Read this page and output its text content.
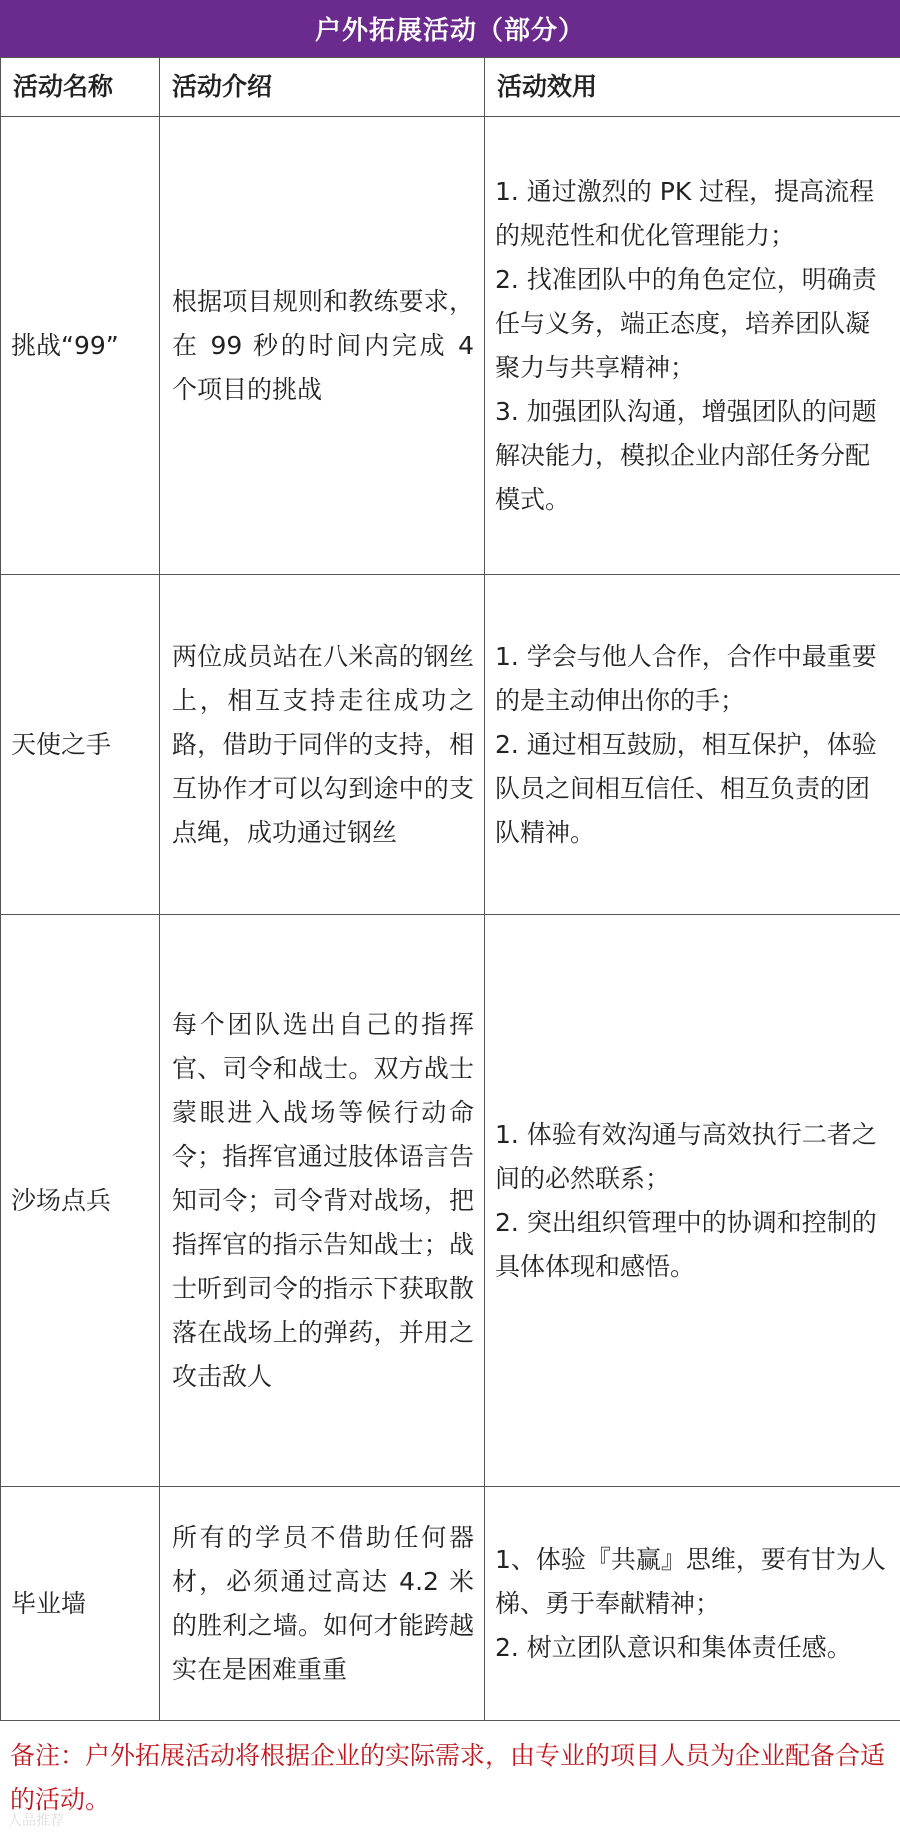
户外拓展活动（部分）
活动名称	活动介绍	活动效用
挑战“99”	根据项目规则和教练要求，在 99 秒的时间内完成 4 个项目的挑战	1. 通过激烈的 PK 过程，提高流程的规范性和优化管理能力；
2. 找准团队中的角色定位，明确责任与义务，端正态度，培养团队凝聚力与共享精神；
3. 加强团队沟通，增强团队的问题解决能力，模拟企业内部任务分配模式。

天使之手	两位成员站在八米高的钢丝上，相互支持走往成功之路，借助于同伴的支持，相互协作才可以勾到途中的支点绳，成功通过钢丝	1. 学会与他人合作，合作中最重要的是主动伸出你的手；
2. 通过相互鼓励，相互保护，体验队员之间相互信任、相互负责的团队精神。

沙场点兵	每个团队选出自己的指挥官、司令和战士。双方战士蒙眼进入战场等候行动命令；指挥官通过肢体语言告知司令；司令背对战场，把指挥官的指示告知战士；战士听到司令的指示下获取散落在战场上的弹药，并用之攻击敌人	1. 体验有效沟通与高效执行二者之间的必然联系；
2. 突出组织管理中的协调和控制的具体体现和感悟。

毕业墙	所有的学员不借助任何器材，必须通过高达 4.2 米的胜利之墙。如何才能跨越实在是困难重重	1、体验『共赢』思维，要有甘为人梯、勇于奉献精神；
2. 树立团队意识和集体责任感。
备注：户外拓展活动将根据企业的实际需求，由专业的项目人员为企业配备合适的活动。
人品推荐
